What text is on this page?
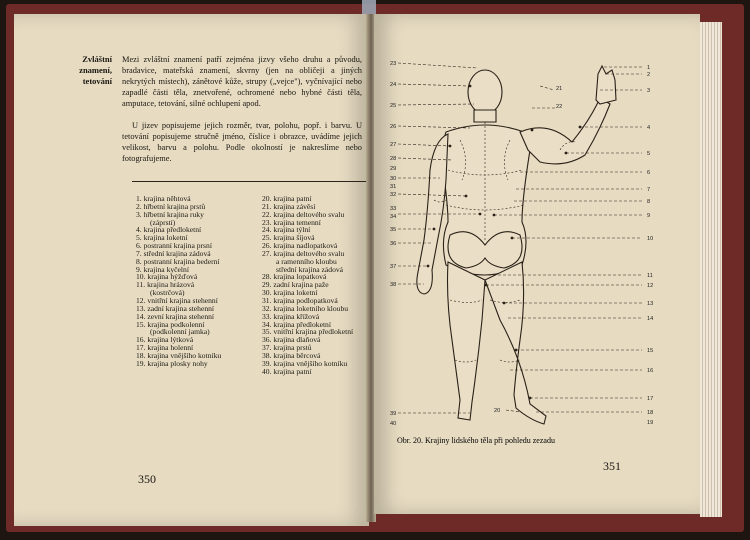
Zvláštní znamení, tetování
Mezi zvláštní znamení patří zejména jizvy všeho druhu a původu, bradavice, mateřská znamení, skvrny (jen na obličeji a jiných nekrytých místech), zánětové kůže, strupy („vejce"), vyčnívající nebo zapadlé části těla, znetvořené, ochromené nebo hybné části těla, amputace, tetování, silné ochlupení apod.
U jizev popisujeme jejich rozměr, tvar, polohu, popř. i barvu. U tetování popisujeme stručně jméno, číslice i obrazce, uvádíme jejich velikost, barvu a polohu. Podle okolností je nakreslíme nebo fotografujeme.
1. krajina něhtová
2. hřbetní krajina prstů
3. hřbetní krajina ruky
(záprstí)
4. krajina předloketní
5. krajina loketní
6. postranní krajina prsní
7. střední krajina zádová
8. postranní krajina bederní
9. krajina kyčelní
10. krajina hýžďová
11. krajina hrázová
(kostrčová)
12. vnitřní krajina stehenní
13. zadní krajina stehenní
14. zevní krajina stehenní
15. krajina podkolenní
(podkolenní jamka)
16. krajina lýtková
17. krajina holenní
18. krajina vnějšího kotníku
19. krajina plosky nohy
20. krajina patní
21. krajina závěsí
22. krajina deltového svalu
23. krajina temenní
24. krajina týlní
25. krajina šíjová
26. krajina nadlopatková
27. krajina deltového svalu
a ramenního kloubu
střední krajina zádová
28. krajina lopatková
29. zadní krajina paže
30. krajina loketní
31. krajina podlopatková
32. krajina loketního kloubu
33. krajina křížová
34. krajina předloketní
35. vnitřní krajina předloketní
36. krajina dlaňová
37. krajina prstů
38. krajina běrcová
39. krajina vnějšího kotníku
40. krajina patní
350
351
23
24
25
26
27
28
29
30
31
32
33
34
35
36
37
38
39
40
1
2
3
4
5
6
7
8
9
10
11
12
13
14
15
16
17
18
19
20
21
22
Obr. 20. Krajiny lidského těla při pohledu zezadu
